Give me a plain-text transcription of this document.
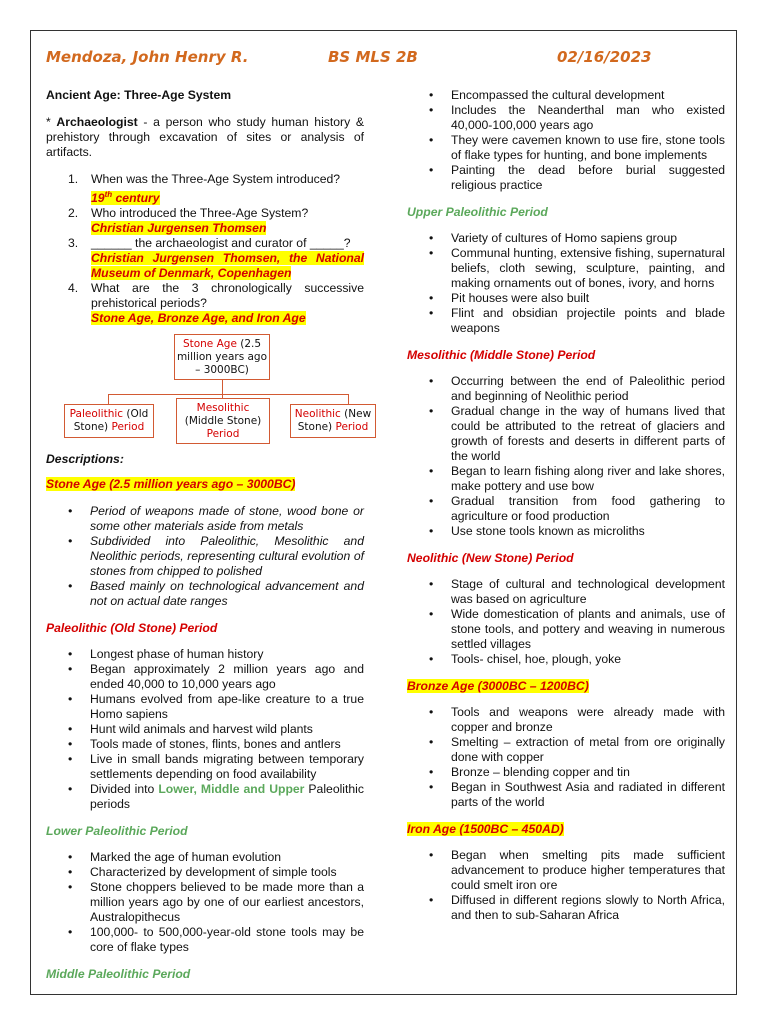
Mendoza, John Henry R.	BS MLS 2B	02/16/2023

Ancient Age: Three-Age System

* Archaeologist - a person who study human history & prehistory through excavation of sites or analysis of artifacts.

1. When was the Three-Age System introduced?
19th century
2. Who introduced the Three-Age System?
Christian Jurgensen Thomsen
3. ______ the archaeologist and curator of _____?
Christian Jurgensen Thomsen, the National Museum of Denmark, Copenhagen
4. What are the 3 chronologically successive prehistorical periods?
Stone Age, Bronze Age, and Iron Age
Stone Age (2.5 million years ago – 3000BC)
Paleolithic (Old Stone) Period
Mesolithic (Middle Stone) Period
Neolithic (New Stone) Period

Descriptions:

Stone Age (2.5 million years ago – 3000BC)

• Period of weapons made of stone, wood bone or some other materials aside from metals
• Subdivided into Paleolithic, Mesolithic and Neolithic periods, representing cultural evolution of stones from chipped to polished
• Based mainly on technological advancement and not on actual date ranges

Paleolithic (Old Stone) Period

• Longest phase of human history
• Began approximately 2 million years ago and ended 40,000 to 10,000 years ago
• Humans evolved from ape-like creature to a true Homo sapiens
• Hunt wild animals and harvest wild plants
• Tools made of stones, flints, bones and antlers
• Live in small bands migrating between temporary settlements depending on food availability
• Divided into Lower, Middle and Upper Paleolithic periods

Lower Paleolithic Period

• Marked the age of human evolution
• Characterized by development of simple tools
• Stone choppers believed to be made more than a million years ago by one of our earliest ancestors, Australopithecus
• 100,000- to 500,000-year-old stone tools may be core of flake types

Middle Paleolithic Period

• Encompassed the cultural development
• Includes the Neanderthal man who existed 40,000-100,000 years ago
• They were cavemen known to use fire, stone tools of flake types for hunting, and bone implements
• Painting the dead before burial suggested religious practice

Upper Paleolithic Period

• Variety of cultures of Homo sapiens group
• Communal hunting, extensive fishing, supernatural beliefs, cloth sewing, sculpture, painting, and making ornaments out of bones, ivory, and horns
• Pit houses were also built
• Flint and obsidian projectile points and blade weapons

Mesolithic (Middle Stone) Period

• Occurring between the end of Paleolithic period and beginning of Neolithic period
• Gradual change in the way of humans lived that could be attributed to the retreat of glaciers and growth of forests and deserts in different parts of the world
• Began to learn fishing along river and lake shores, make pottery and use bow
• Gradual transition from food gathering to agriculture or food production
• Use stone tools known as microliths

Neolithic (New Stone) Period

• Stage of cultural and technological development was based on agriculture
• Wide domestication of plants and animals, use of stone tools, and pottery and weaving in numerous settled villages
• Tools- chisel, hoe, plough, yoke

Bronze Age (3000BC – 1200BC)

• Tools and weapons were already made with copper and bronze
• Smelting – extraction of metal from ore originally done with copper
• Bronze – blending copper and tin
• Began in Southwest Asia and radiated in different parts of the world

Iron Age (1500BC – 450AD)

• Began when smelting pits made sufficient advancement to produce higher temperatures that could smelt iron ore
• Diffused in different regions slowly to North Africa, and then to sub-Saharan Africa
